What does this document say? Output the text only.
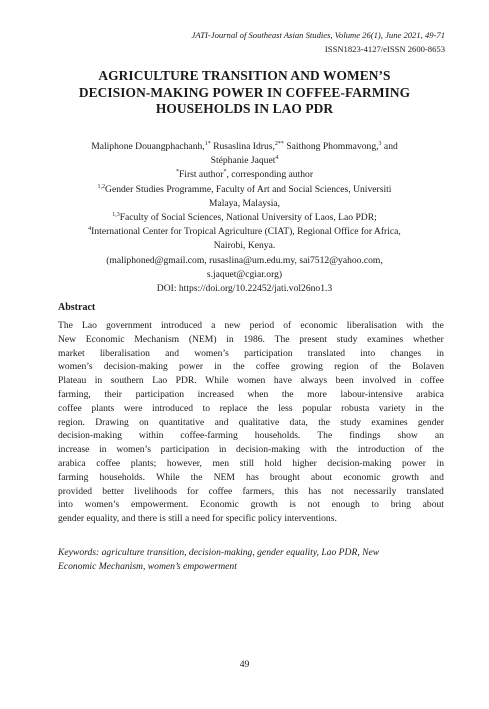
JATI-Journal of Southeast Asian Studies, Volume 26(1), June 2021, 49-71
ISSN1823-4127/eISSN 2600-8653
AGRICULTURE TRANSITION AND WOMEN’S
DECISION-MAKING POWER IN COFFEE-FARMING
HOUSEHOLDS IN LAO PDR
Maliphone Douangphachanh,$^{1*}$ Rusaslina Idrus,$^{2**}$ Saithong Phommavong,$^3$ and
Stéphanie Jaquet$^4$
*First author*, corresponding author
$^{1,2}$Gender Studies Programme, Faculty of Art and Social Sciences, Universiti
Malaya, Malaysia,
$^{1,3}$Faculty of Social Sciences, National University of Laos, Lao PDR;
$^4$International Center for Tropical Agriculture (CIAT), Regional Office for Africa,
Nairobi, Kenya.
(maliphoned@gmail.com, rusaslina@um.edu.my, sai7512@yahoo.com,
s.jaquet@cgiar.org)
DOI: https://doi.org/10.22452/jati.vol26no1.3
Abstract
The Lao government introduced a new period of economic liberalisation with the
New Economic Mechanism (NEM) in 1986. The present study examines whether
market liberalisation and women’s participation translated into changes in
women’s decision-making power in the coffee growing region of the Bolaven
Plateau in southern Lao PDR. While women have always been involved in coffee
farming, their participation increased when the more labour-intensive arabica
coffee plants were introduced to replace the less popular robusta variety in the
region. Drawing on quantitative and qualitative data, the study examines gender
decision-making within coffee-farming households. The findings show an
increase in women’s participation in decision-making with the introduction of the
arabica coffee plants; however, men still hold higher decision-making power in
farming households. While the NEM has brought about economic growth and
provided better livelihoods for coffee farmers, this has not necessarily translated
into women’s empowerment. Economic growth is not enough to bring about
gender equality, and there is still a need for specific policy interventions.
Keywords: agriculture transition, decision-making, gender equality, Lao PDR, New
Economic Mechanism, women’s empowerment
49
